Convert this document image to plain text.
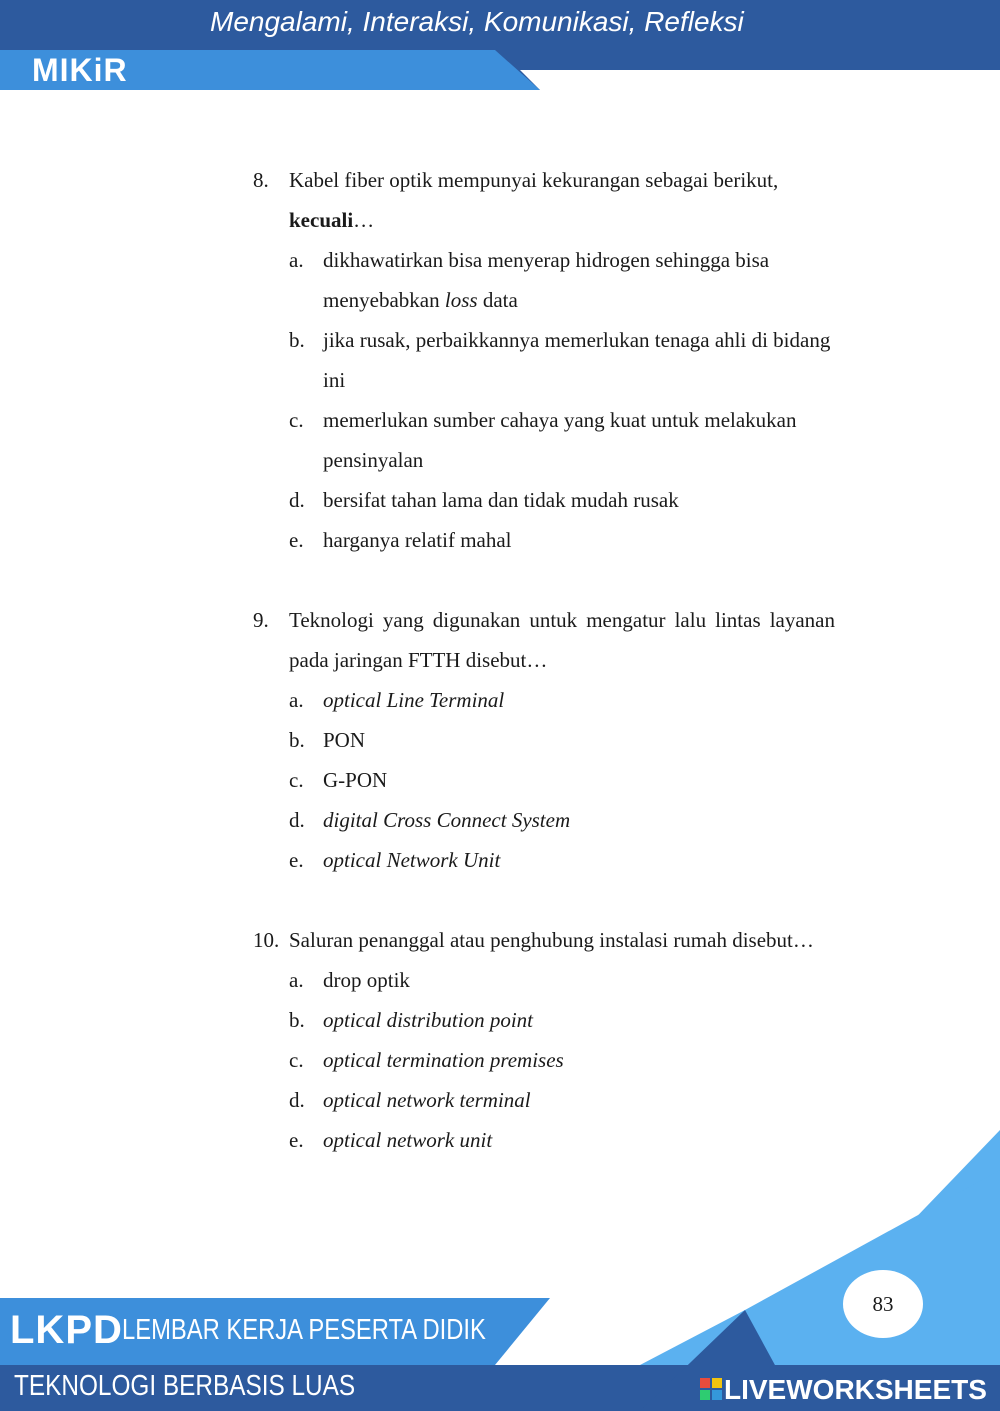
Mengalami, Interaksi, Komunikasi, Refleksi
MIKiR
8. Kabel fiber optik mempunyai kekurangan sebagai berikut,
kecuali…
a. dikhawatirkan bisa menyerap hidrogen sehingga bisa menyebabkan loss data
b. jika rusak, perbaikkannya memerlukan tenaga ahli di bidang ini
c. memerlukan sumber cahaya yang kuat untuk melakukan pensinyalan
d. bersifat tahan lama dan tidak mudah rusak
e. harganya relatif mahal
9. Teknologi yang digunakan untuk mengatur lalu lintas layanan pada jaringan FTTH disebut…
a. optical Line Terminal
b. PON
c. G-PON
d. digital Cross Connect System
e. optical Network Unit
10. Saluran penanggal atau penghubung instalasi rumah disebut…
a. drop optik
b. optical distribution point
c. optical termination premises
d. optical network terminal
e. optical network unit
83
LKPD LEMBAR KERJA PESERTA DIDIK
TEKNOLOGI BERBASIS LUAS	LIVEWORKSHEETS
